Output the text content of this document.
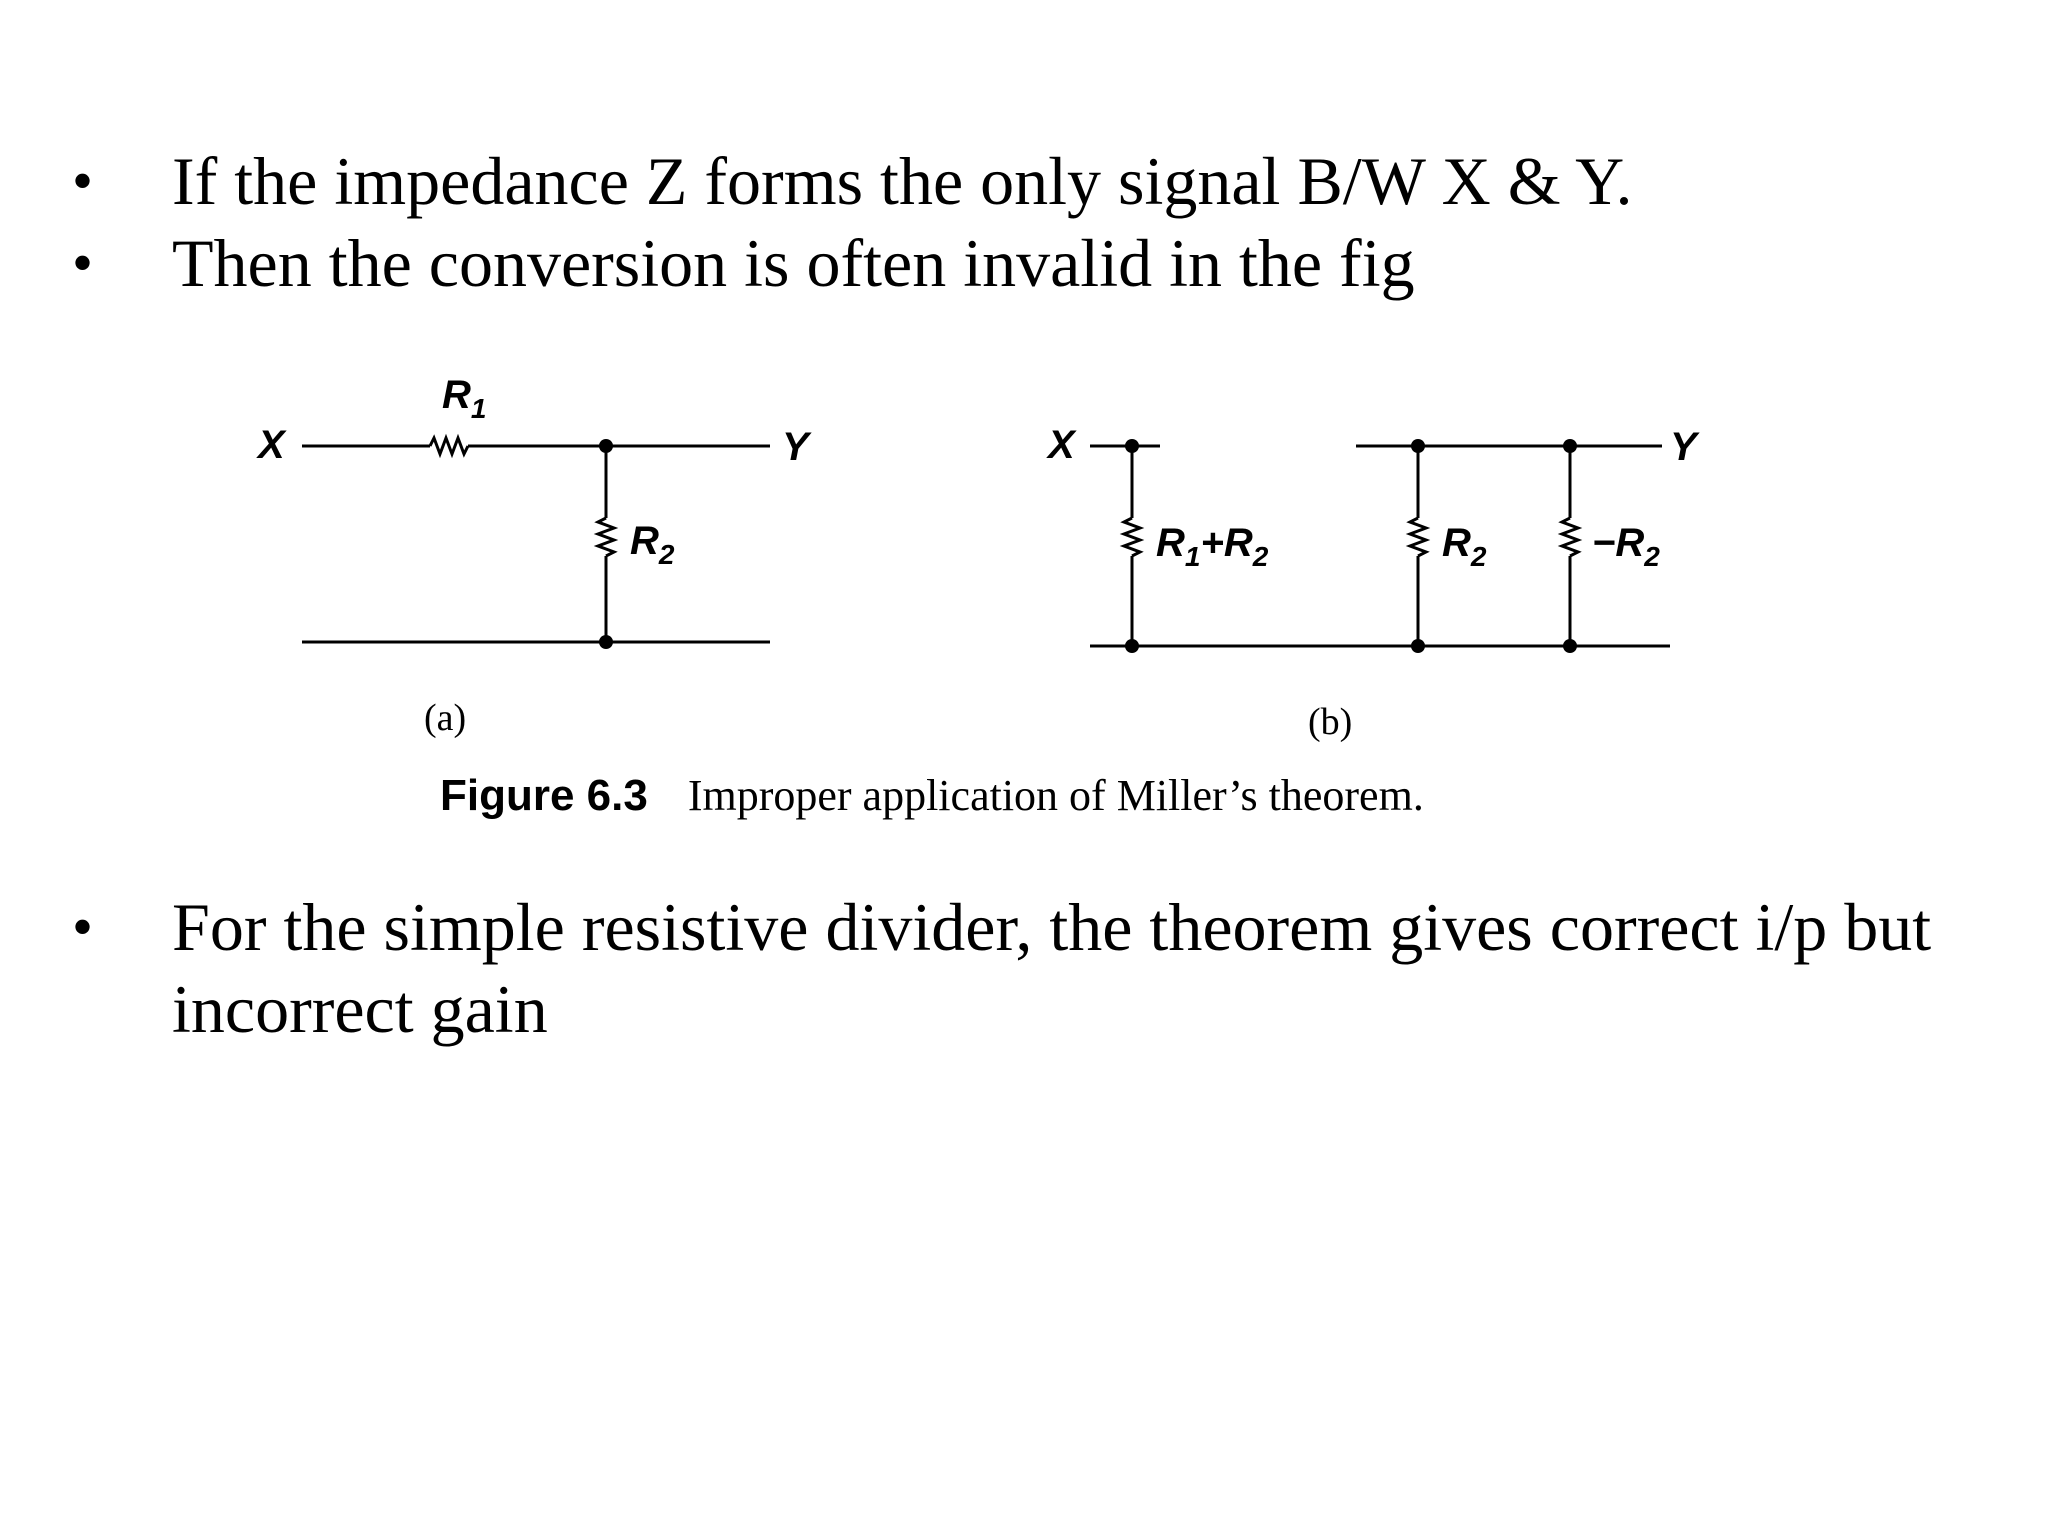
• If the impedance Z forms the only signal B/W X & Y.
• Then the conversion is often invalid in the fig
X
$R_1$
Y
$R_2$
(a)
X
$R_1+R_2$
Y
$R_2$	$-R_2$
(b)
Figure 6.3 Improper application of Miller’s theorem.
• For the simple resistive divider, the theorem gives correct i/p but incorrect gain
